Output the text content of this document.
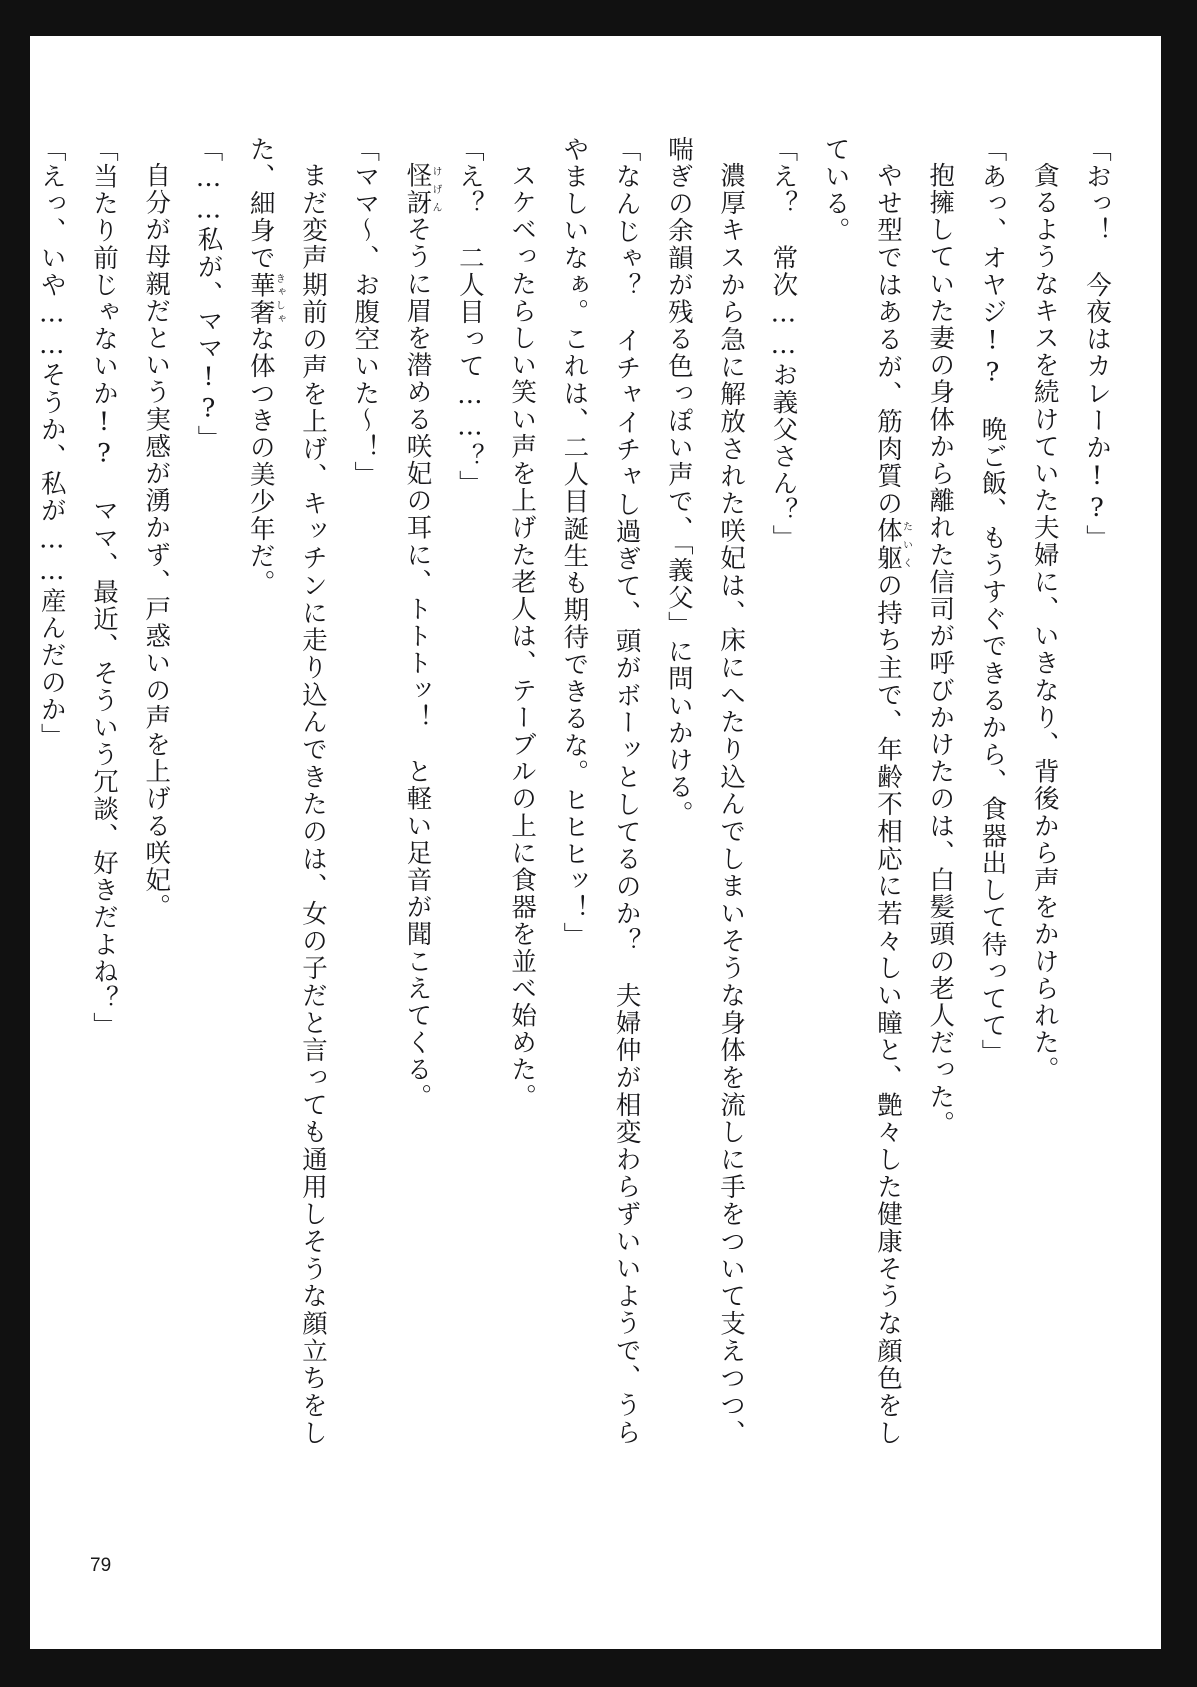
「おっ！　今夜はカレーか!?」

貪るようなキスを続けていた夫婦に、いきなり、背後から声をかけられた。

「あっ、オヤジ!?　晩ご飯、もうすぐできるから、食器出して待ってて」

抱擁していた妻の身体から離れた信司が呼びかけたのは、白髪頭の老人だった。

やせ型ではあるが、筋肉質の体躯たいくの持ち主で、年齢不相応に若々しい瞳と、艶々した健康そうな顔色をしている。

「え？　常次……お義父さん？」

濃厚キスから急に解放された咲妃は、床にへたり込んでしまいそうな身体を流しに手をついて支えつつ、喘ぎの余韻が残る色っぽい声で、「義父」に問いかける。

「なんじゃ？　イチャイチャし過ぎて、頭がボーッとしてるのか？　夫婦仲が相変わらずいいようで、うらやましいなぁ。これは、二人目誕生も期待できるな。ヒヒヒッ！」

スケベったらしい笑い声を上げた老人は、テーブルの上に食器を並べ始めた。

「え？　二人目って……？」

怪訝けげんそうに眉を潜める咲妃の耳に、トトトッ！　と軽い足音が聞こえてくる。

「ママ～、お腹空いた～！」

まだ変声期前の声を上げ、キッチンに走り込んできたのは、女の子だと言っても通用しそうな顔立ちをした、細身で華奢きゃしゃな体つきの美少年だ。

「……私が、ママ!?」

自分が母親だという実感が湧かず、戸惑いの声を上げる咲妃。

「当たり前じゃないか!?　ママ、最近、そういう冗談、好きだよね？」

「えっ、いや……そうか、私が……産んだのか」

79
